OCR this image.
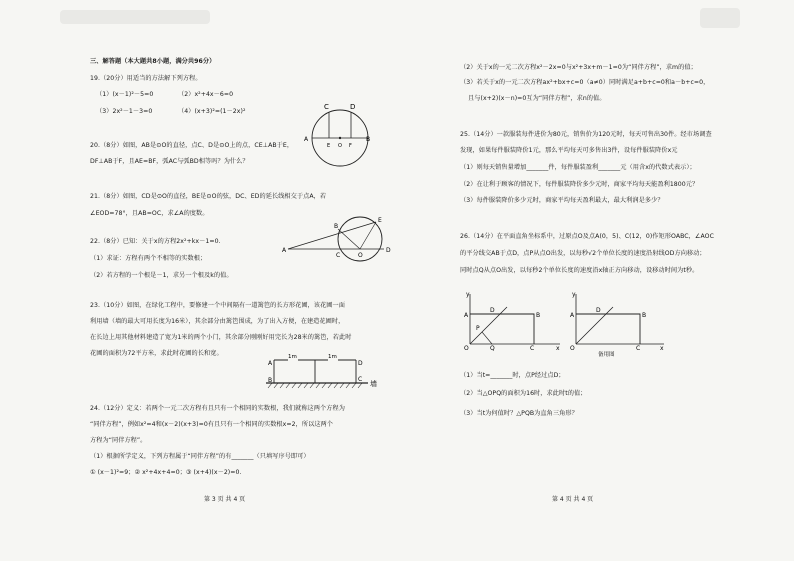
三、解答题（本大题共8小题，满分共96分）
19.（20分）用适当的方法解下列方程。
（1）(x－1)²－5=0	（2）x²+4x－6=0
（3）2x²－1－3=0	（4）(x+3)²=(1－2x)²
C	D
A	B
E O F
20.（8分）如图，AB是⊙O的直径，点C、D是⊙O上的点，CE⊥AB于E，
DF⊥AB于F，且AE=BF，弧AC与弧BD相等吗？为什么？
21.（8分）如图，CD是⊙O的直径，BE是⊙O的弦，DC、ED的延长线相交于点A，若
∠EOD=78°，且AB=OC，求∠A的度数。
E
B
A
C	O
D
22.（8分）已知：关于x的方程2x²+kx－1=0.
（1）求证：方程有两个不相等的实数根；
（2）若方程的一个根是－1，求另一个根及k的值。
23.（10分）如图，在绿化工程中，要修建一个中间隔有一道篱笆的长方形花圃，该花圃一面
利用墙（墙的最大可用长度为16米），其余部分由篱笆围成，为了出入方便，在建造花圃时，
在长边上用其他材料建造了宽为1米的两个小门，其余部分刚刚好用完长为28米的篱笆，若此时
花圃的面积为72平方米，求此时花圃的长和宽。	1m	1m
A	D
B	C
墙
24.（12分）定义：若两个一元二次方程有且只有一个相同的实数根，我们就称这两个方程为
“同伴方程”，例如x²=4和(x－2)(x+3)=0有且只有一个相同的实数根x=2，所以这两个
方程为“同伴方程”。
（1）根据所学定义，下列方程属于“同伴方程”的有_______（只填写序号即可）
① (x－1)²=9；② x²+4x+4=0；③ (x+4)(x－2)=0.
第 3 页 共 4 页
（2）关于x的一元二次方程x²－2x=0与x²+3x+m－1=0为“同伴方程”，求m的值；
（3）若关于x的一元二次方程ax²+bx+c=0（a≠0）同时满足a+b+c=0和a－b+c=0，
且与(x+2)(x－n)=0互为“同伴方程”，求n的值。
25.（14分）一款服装每件进价为80元，销售价为120元时，每天可售出30件。经市场调查
发现，如果每件服装降价1元，那么平均每天可多售出3件，设每件服装降价x元
（1）则每天销售量增加_______件，每件服装盈利_______元（用含x的代数式表示）；
（2）在让利于顾客的情况下，每件服装降价多少元时，商家平均每天能盈利1800元？
（3）每件服装降价多少元时，商家平均每天盈利最大，最大利润是多少？
26.（14分）在平面直角坐标系中，过原点O及点A(0，5)、C(12，0)作矩形OABC，∠AOC
的平分线交AB于点D，点P从点O出发，以每秒√2个单位长度的速度沿射线OD方向移动；
同时点Q从点O出发，以每秒2个单位长度的速度沿x轴正方向移动，设移动时间为t秒。
y
A
D
B
P
O	Q	C	x
y
A
D
B
O	C	x
备用图
（1）当t=_______时，点P经过点D；
（2）当△OPQ的面积为16时，求此时t的值；
（3）当t为何值时？△PQB为直角三角形？
第 4 页 共 4 页
